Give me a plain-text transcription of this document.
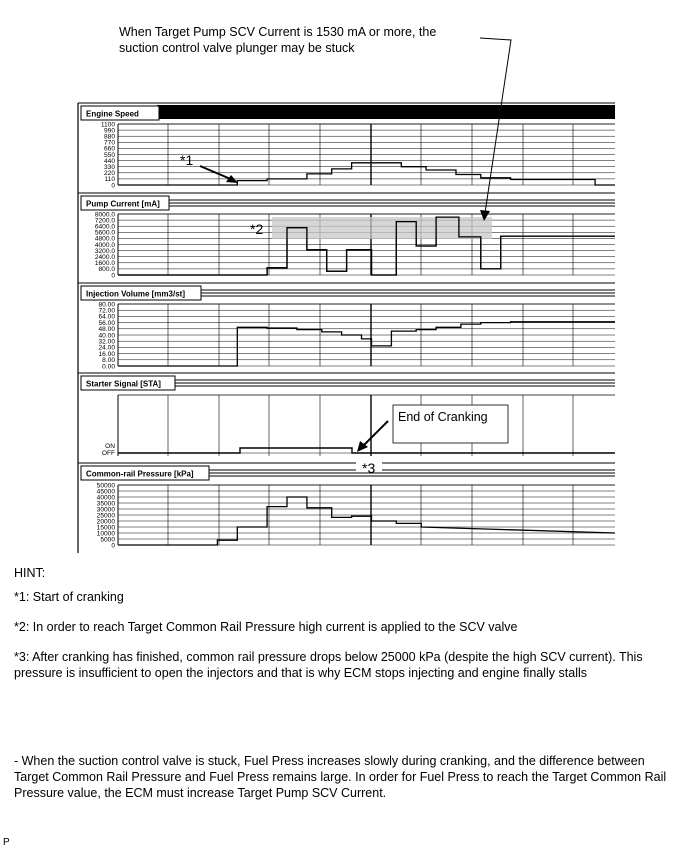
When Target Pump SCV Current is 1530 mA or more, the
suction control valve plunger may be stuck
Engine Speed
1100
990
880
770
660
550
440
330
220
110
0
Pump Current [mA]
8000.0
7200.0
6400.0
5600.0
4800.0
4000.0
3200.0
2400.0
1600.0
800.0
0
Injection Volume [mm3/st]
80.00
72.00
64.00
56.00
48.00
40.00
32.00
24.00
16.00
8.00
0.00
Starter Signal [STA]
ON
OFF
Common-rail Pressure [kPa]
50000
45000
40000
35000
30000
25000
20000
15000
10000
5000
0
End of Cranking
*1
*2
*3
HINT:
*1: Start of cranking
*2: In order to reach Target Common Rail Pressure high current is applied to the SCV valve
*3: After cranking has finished, common rail pressure drops below 25000 kPa (despite the high SCV current). This pressure is insufficient to open the injectors and that is why ECM stops injecting and engine finally stalls
- When the suction control valve is stuck, Fuel Press increases slowly during cranking, and the difference between Target Common Rail Pressure and Fuel Press remains large. In order for Fuel Press to reach the Target Common Rail Pressure value, the ECM must increase Target Pump SCV Current.
P
